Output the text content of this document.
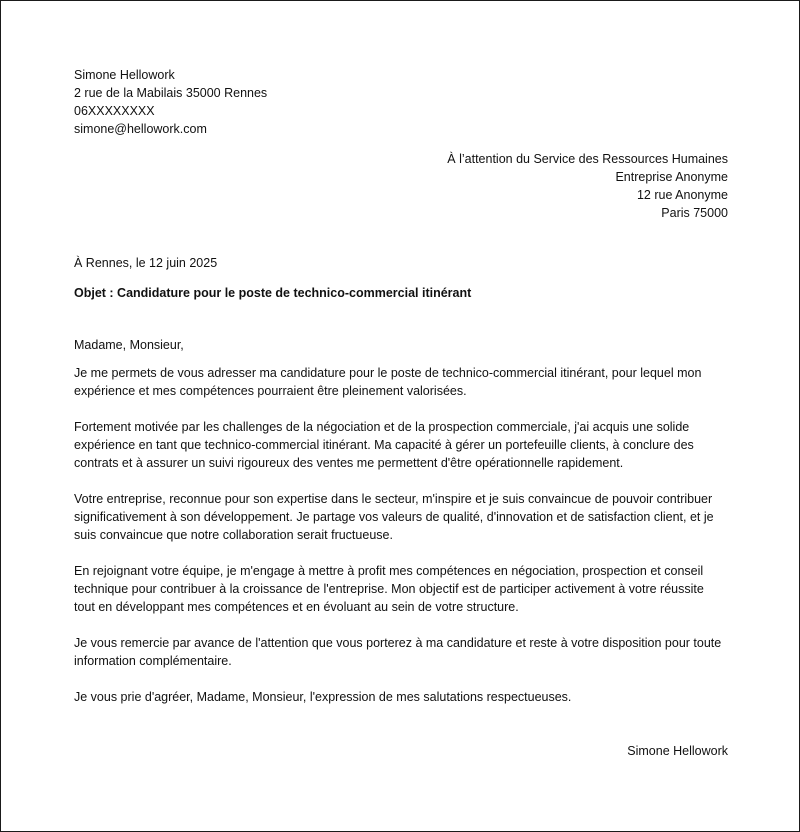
Simone Hellowork
2 rue de la Mabilais 35000 Rennes
06XXXXXXXX
simone@hellowork.com
À l’attention du Service des Ressources Humaines
Entreprise Anonyme
12 rue Anonyme
Paris 75000
À Rennes, le 12 juin 2025
Objet : Candidature pour le poste de technico-commercial itinérant
Madame, Monsieur,
Je me permets de vous adresser ma candidature pour le poste de technico-commercial itinérant, pour lequel mon expérience et mes compétences pourraient être pleinement valorisées.
Fortement motivée par les challenges de la négociation et de la prospection commerciale, j'ai acquis une solide expérience en tant que technico-commercial itinérant. Ma capacité à gérer un portefeuille clients, à conclure des contrats et à assurer un suivi rigoureux des ventes me permettent d'être opérationnelle rapidement.
Votre entreprise, reconnue pour son expertise dans le secteur, m'inspire et je suis convaincue de pouvoir contribuer significativement à son développement. Je partage vos valeurs de qualité, d'innovation et de satisfaction client, et je suis convaincue que notre collaboration serait fructueuse.
En rejoignant votre équipe, je m'engage à mettre à profit mes compétences en négociation, prospection et conseil technique pour contribuer à la croissance de l'entreprise. Mon objectif est de participer activement à votre réussite tout en développant mes compétences et en évoluant au sein de votre structure.
Je vous remercie par avance de l'attention que vous porterez à ma candidature et reste à votre disposition pour toute information complémentaire.
Je vous prie d'agréer, Madame, Monsieur, l'expression de mes salutations respectueuses.
Simone Hellowork
